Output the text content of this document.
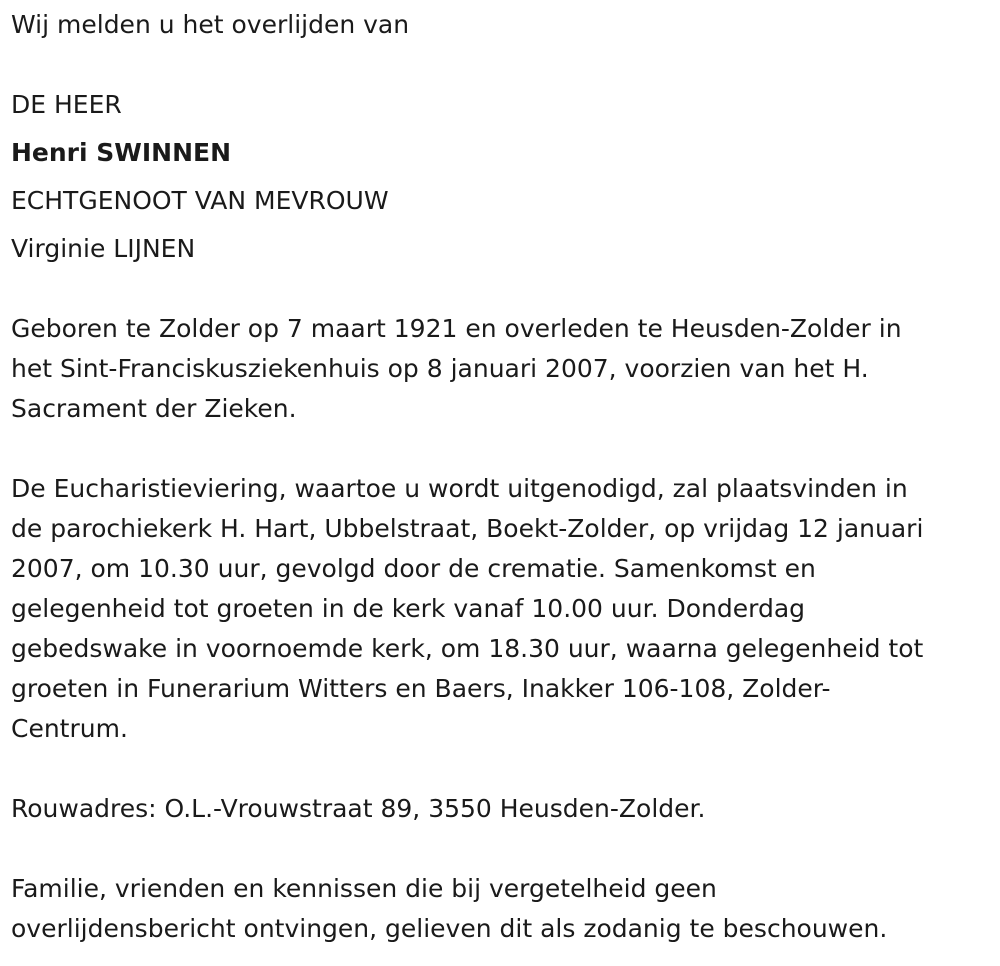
Wij melden u het overlijden van
DE HEER
Henri SWINNEN
ECHTGENOOT VAN MEVROUW
Virginie LIJNEN
Geboren te Zolder op 7 maart 1921 en overleden te Heusden-Zolder in
het Sint-Franciskusziekenhuis op 8 januari 2007, voorzien van het H.
Sacrament der Zieken.
De Eucharistieviering, waartoe u wordt uitgenodigd, zal plaatsvinden in
de parochiekerk H. Hart, Ubbelstraat, Boekt-Zolder, op vrijdag 12 januari
2007, om 10.30 uur, gevolgd door de crematie. Samenkomst en
gelegenheid tot groeten in de kerk vanaf 10.00 uur. Donderdag
gebedswake in voornoemde kerk, om 18.30 uur, waarna gelegenheid tot
groeten in Funerarium Witters en Baers, Inakker 106-108, Zolder-
Centrum.
Rouwadres: O.L.-Vrouwstraat 89, 3550 Heusden-Zolder.
Familie, vrienden en kennissen die bij vergetelheid geen
overlijdensbericht ontvingen, gelieven dit als zodanig te beschouwen.
